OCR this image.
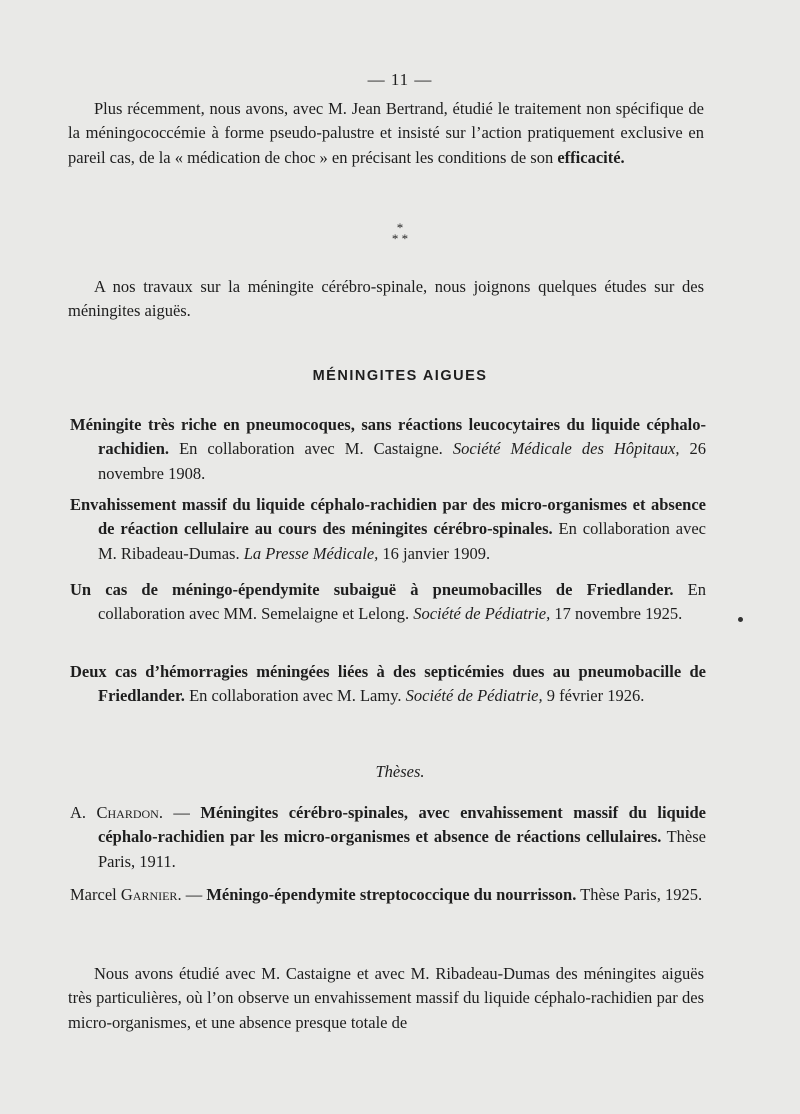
— 11 —

Plus récemment, nous avons, avec M. Jean Bertrand, étudié le traitement non spécifique de la méningococcémie à forme pseudo-palustre et insisté sur l’action pratiquement exclusive en pareil cas, de la « médication de choc » en précisant les conditions de son efficacité.

*
* *

A nos travaux sur la méningite cérébro-spinale, nous joignons quelques études sur des méningites aiguës.

MÉNINGITES AIGUES

Méningite très riche en pneumocoques, sans réactions leucocytaires du liquide céphalo-rachidien. En collaboration avec M. Castaigne. Société Médicale des Hôpitaux, 26 novembre 1908.

Envahissement massif du liquide céphalo-rachidien par des micro-organismes et absence de réaction cellulaire au cours des méningites cérébro-spinales. En collaboration avec M. Ribadeau-Dumas. La Presse Médicale, 16 janvier 1909.

Un cas de méningo-épendymite subaiguë à pneumobacilles de Friedlander. En collaboration avec MM. Semelaigne et Lelong. Société de Pédiatrie, 17 novembre 1925.

Deux cas d’hémorragies méningées liées à des septicémies dues au pneumobacille de Friedlander. En collaboration avec M. Lamy. Société de Pédiatrie, 9 février 1926.

Thèses.

A. Chardon. — Méningites cérébro-spinales, avec envahissement massif du liquide céphalo-rachidien par les micro-organismes et absence de réactions cellulaires. Thèse Paris, 1911.

Marcel Garnier. — Méningo-épendymite streptococcique du nourrisson. Thèse Paris, 1925.

Nous avons étudié avec M. Castaigne et avec M. Ribadeau-Dumas des méningites aiguës très particulières, où l’on observe un envahissement massif du liquide céphalo-rachidien par des micro-organismes, et une absence presque totale de
